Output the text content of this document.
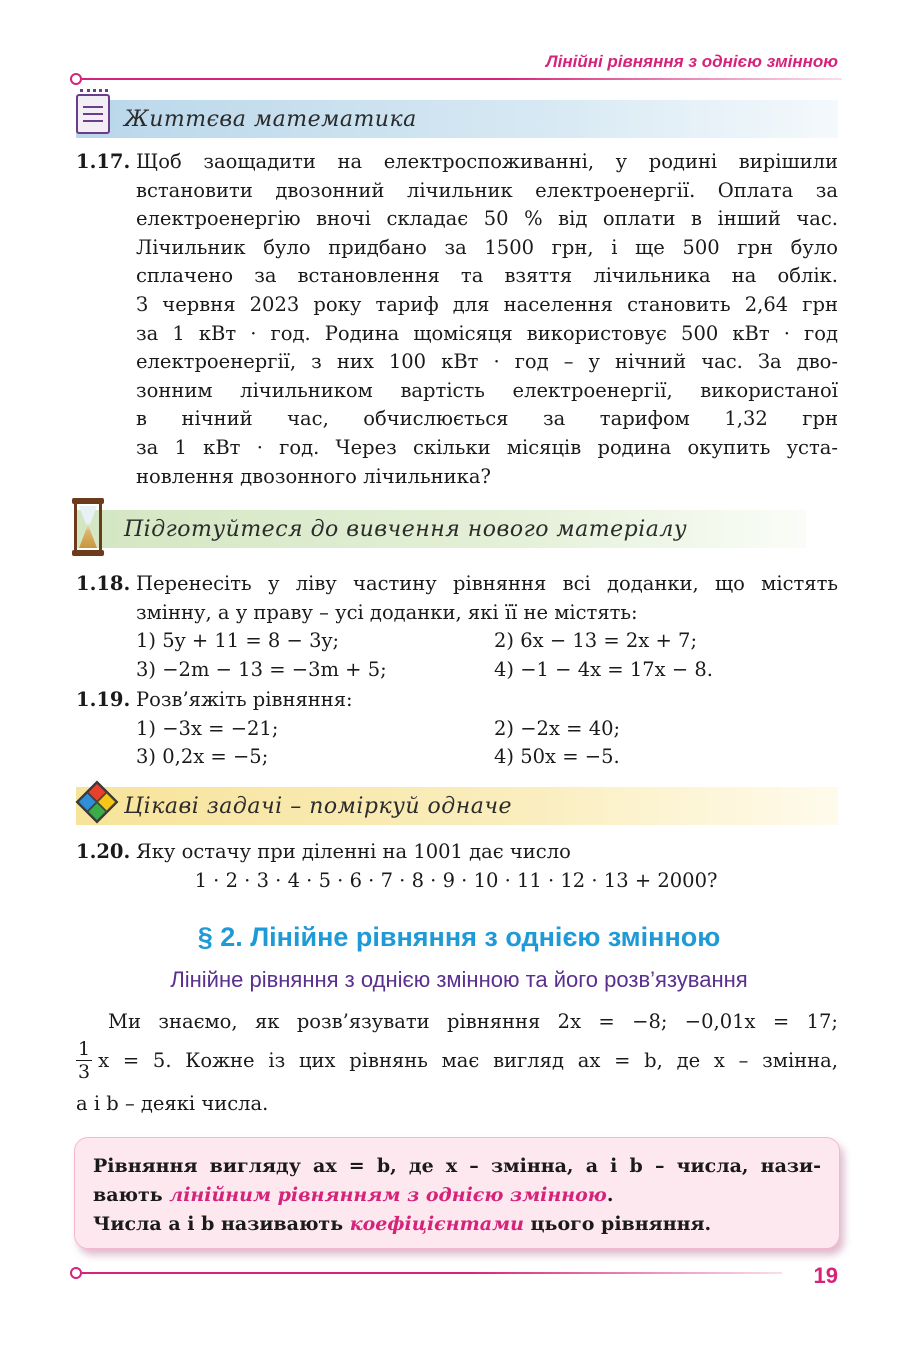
Лінійні рівняння з однією змінною
Життєва математика
1.17. Щоб заощадити на електроспоживанні, у родині вирішили
встановити двозонний лічильник електроенергії. Оплата за
електроенергію вночі складає 50 % від оплати в інший час.
Лічильник було придбано за 1500 грн, і ще 500 грн було
сплачено за встановлення та взяття лічильника на облік.
З червня 2023 року тариф для населення становить 2,64 грн
за 1 кВт · год. Родина щомісяця використовує 500 кВт · год
електроенергії, з них 100 кВт · год – у нічний час. За дво-
зонним лічильником вартість електроенергії, використаної
в нічний час, обчислюється за тарифом 1,32 грн
за 1 кВт · год. Через скільки місяців родина окупить уста-
новлення двозонного лічильника?
Підготуйтеся до вивчення нового матеріалу
1.18. Перенесіть у ліву частину рівняння всі доданки, що містять
змінну, а у праву – усі доданки, які її не містять:
1) 5y + 11 = 8 − 3y;	2) 6x − 13 = 2x + 7;
3) −2m − 13 = −3m + 5;	4) −1 − 4x = 17x − 8.
1.19. Розв’яжіть рівняння:
1) −3x = −21;	2) −2x = 40;
3) 0,2x = −5;	4) 50x = −5.
Цікаві задачі – поміркуй одначе
1.20. Яку остачу при діленні на 1001 дає число
1 · 2 · 3 · 4 · 5 · 6 · 7 · 8 · 9 · 10 · 11 · 12 · 13 + 2000?
§ 2. Лінійне рівняння з однією змінною
Лінійне рівняння з однією змінною та його розв’язування
Ми знаємо, як розв’язувати рівняння 2x = −8; −0,01x = 17;
$\frac{1}{3}$ x = 5. Кожне із цих рівнянь має вигляд ax = b, де x – змінна,
a і b – деякі числа.
Рівняння вигляду ax = b, де x – змінна, a і b – числа, нази-
вають лінійним рівнянням з однією змінною.
Числа a і b називають коефіцієнтами цього рівняння.
19
